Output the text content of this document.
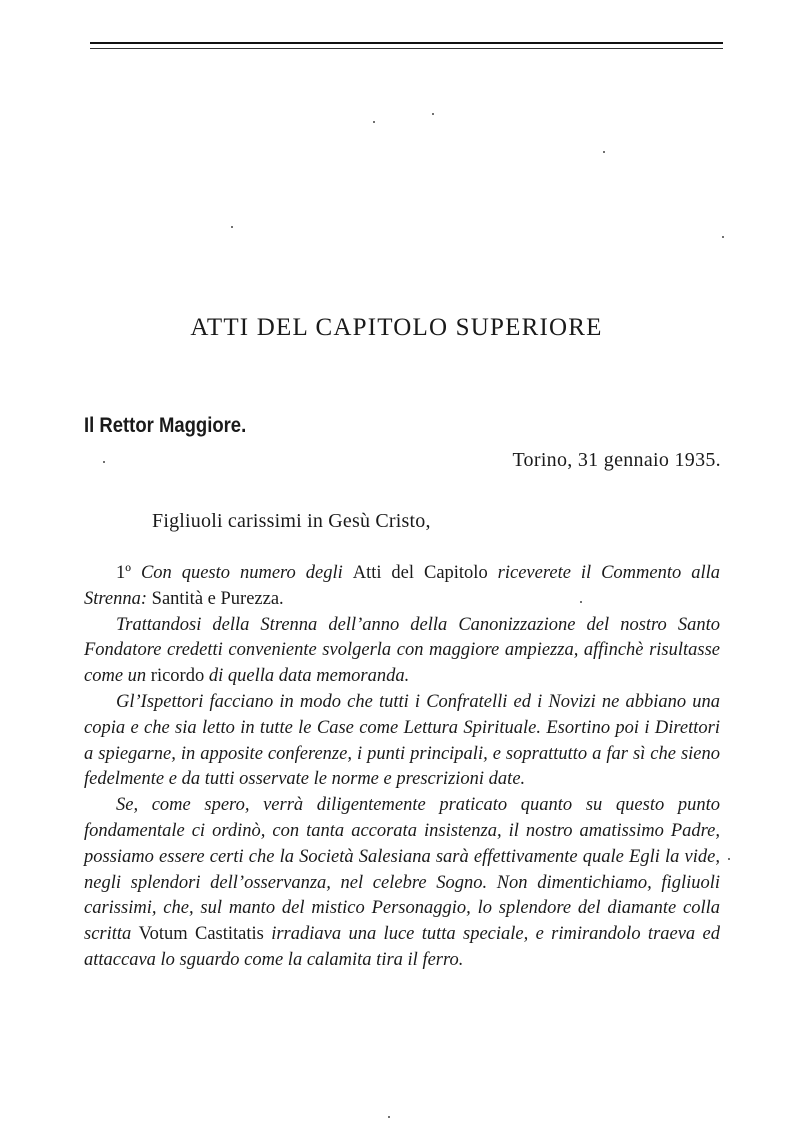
ATTI DEL CAPITOLO SUPERIORE
Il Rettor Maggiore.
Torino, 31 gennaio 1935.
Figliuoli carissimi in Gesù Cristo,

1º Con questo numero degli Atti del Capitolo riceverete il Commento alla Strenna: Santità e Purezza.

Trattandosi della Strenna dell’anno della Canonizzazione del nostro Santo Fondatore credetti conveniente svolgerla con maggiore ampiezza, affinchè risultasse come un ricordo di quella data memoranda.

Gl’Ispettori facciano in modo che tutti i Confratelli ed i Novizi ne abbiano una copia e che sia letto in tutte le Case come Lettura Spirituale. Esortino poi i Direttori a spiegarne, in apposite conferenze, i punti principali, e soprattutto a far sì che sieno fedelmente e da tutti osservate le norme e prescrizioni date.

Se, come spero, verrà diligentemente praticato quanto su questo punto fondamentale ci ordinò, con tanta accorata insistenza, il nostro amatissimo Padre, possiamo essere certi che la Società Salesiana sarà effettivamente quale Egli la vide, negli splendori dell’osservanza, nel celebre Sogno. Non dimentichiamo, figliuoli carissimi, che, sul manto del mistico Personaggio, lo splendore del diamante colla scritta Votum Castitatis irradiava una luce tutta speciale, e rimirandolo traeva ed attaccava lo sguardo come la calamita tira il ferro.
